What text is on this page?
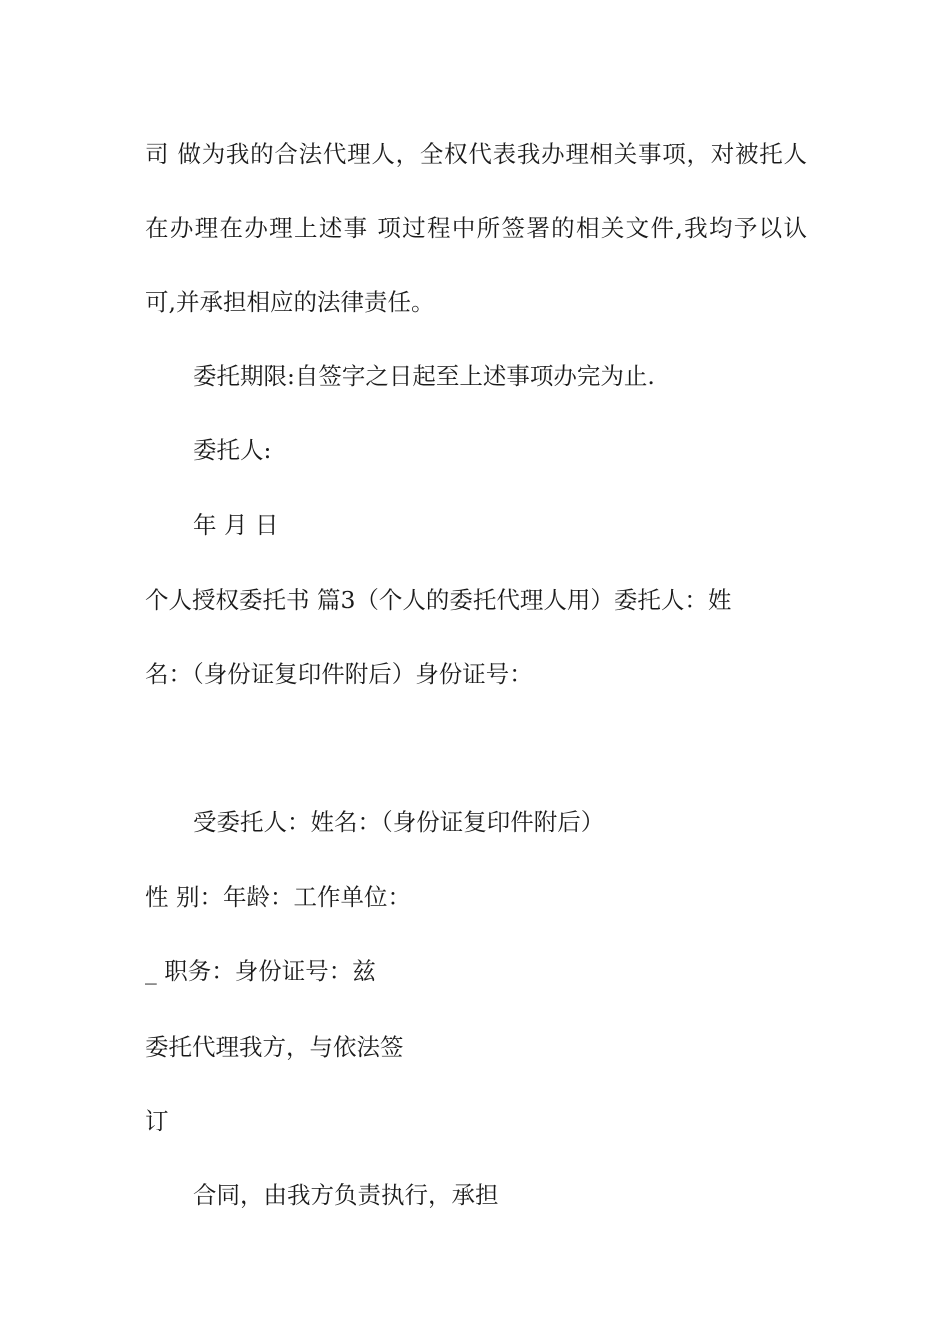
司 做为我的合法代理人，全权代表我办理相关事项，对被托人
在办理在办理上述事 项过程中所签署的相关文件,我均予以认
可,并承担相应的法律责任。
委托期限:自签字之日起至上述事项办完为止.
委托人:
年 月 日
个人授权委托书 篇3（个人的委托代理人用）委托人：姓
名：（身份证复印件附后）身份证号：
受委托人：姓名：（身份证复印件附后）
性 别：年龄：工作单位：
_ 职务：身份证号：兹
委托代理我方，与依法签
订
合同，由我方负责执行，承担
